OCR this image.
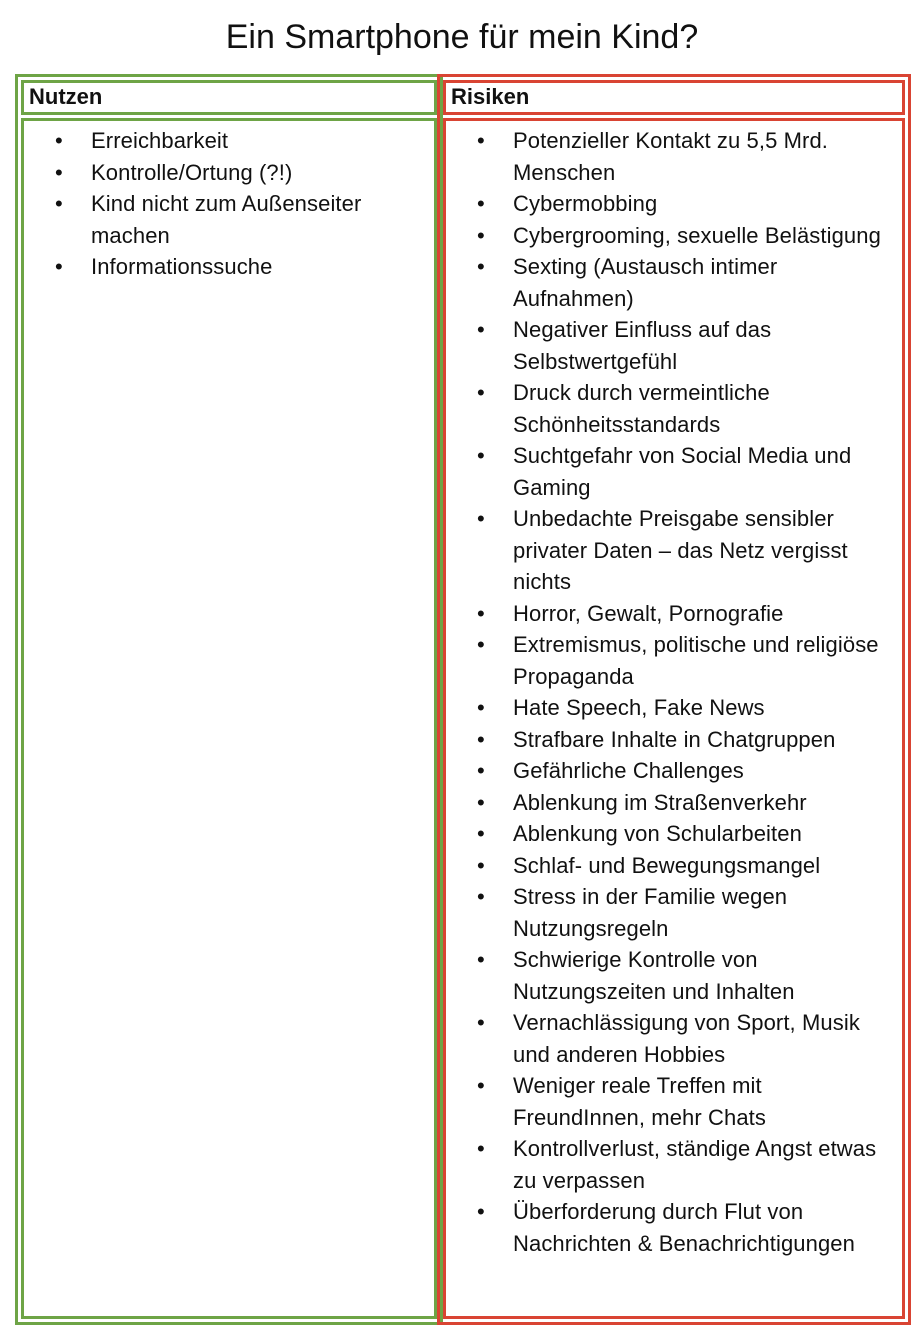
Ein Smartphone für mein Kind?
Nutzen
• Erreichbarkeit
• Kontrolle/Ortung (?!)
• Kind nicht zum Außenseiter machen
• Informationssuche
Risiken
• Potenzieller Kontakt zu 5,5 Mrd. Menschen
• Cybermobbing
• Cybergrooming, sexuelle Belästigung
• Sexting (Austausch intimer Aufnahmen)
• Negativer Einfluss auf das Selbstwertgefühl
• Druck durch vermeintliche Schönheitsstandards
• Suchtgefahr von Social Media und Gaming
• Unbedachte Preisgabe sensibler privater Daten – das Netz vergisst nichts
• Horror, Gewalt, Pornografie
• Extremismus, politische und religiöse Propaganda
• Hate Speech, Fake News
• Strafbare Inhalte in Chatgruppen
• Gefährliche Challenges
• Ablenkung im Straßenverkehr
• Ablenkung von Schularbeiten
• Schlaf- und Bewegungsmangel
• Stress in der Familie wegen Nutzungsregeln
• Schwierige Kontrolle von Nutzungszeiten und Inhalten
• Vernachlässigung von Sport, Musik und anderen Hobbies
• Weniger reale Treffen mit FreundInnen, mehr Chats
• Kontrollverlust, ständige Angst etwas zu verpassen
• Überforderung durch Flut von Nachrichten & Benachrichtigungen
